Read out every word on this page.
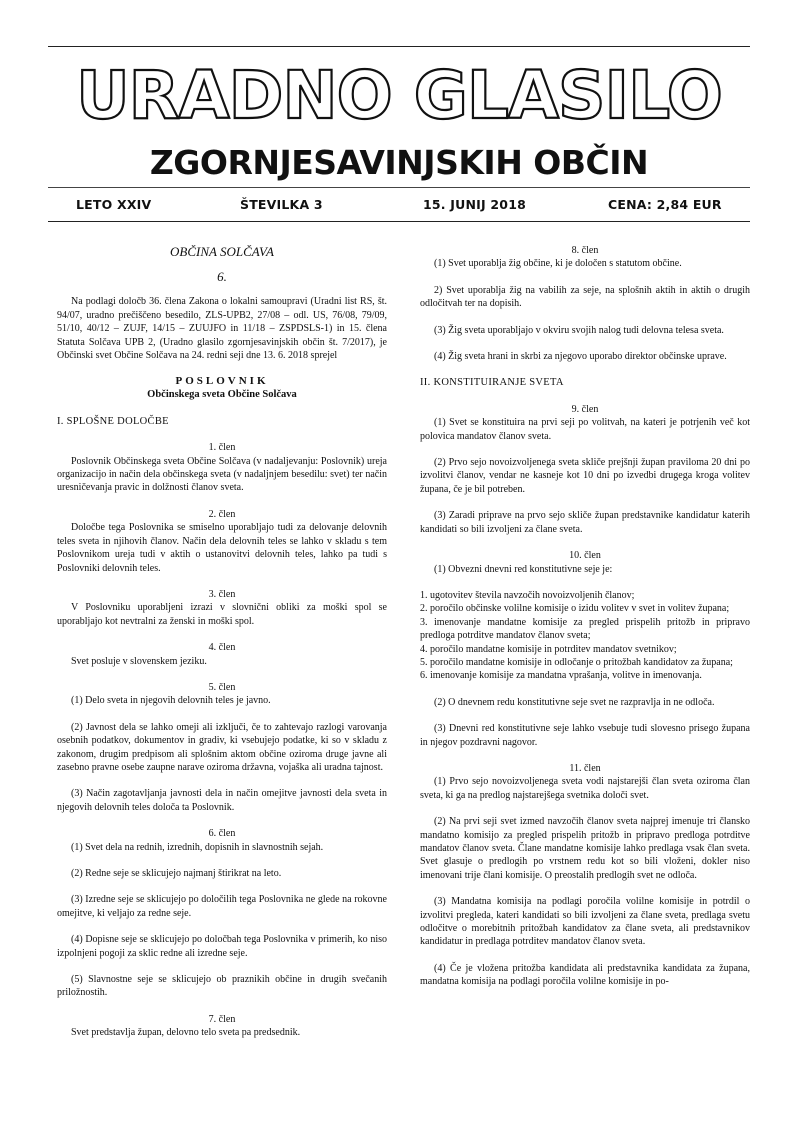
URADNO GLASILO
ZGORNJESAVINJSKIH OBČIN
LETO XXIV	ŠTEVILKA 3	15. JUNIJ 2018	CENA: 2,84 EUR
OBČINA SOLČAVA
6.

Na podlagi določb 36. člena Zakona o lokalni samoupravi (Uradni list RS, št. 94/07, uradno prečiščeno besedilo, ZLS-UPB2, 27/08 – odl. US, 76/08, 79/09, 51/10, 40/12 – ZUJF, 14/15 – ZUUJFO in 11/18 – ZSPDSLS-1) in 15. člena Statuta Solčava UPB 2, (Uradno glasilo zgornjesavinjskih občin št. 7/2017), je Občinski svet Občine Solčava na 24. redni seji dne 13. 6. 2018 sprejel

POSLOVNIK
Občinskega sveta Občine Solčava
I. SPLOŠNE DOLOČBE
1. člen

Poslovnik Občinskega sveta Občine Solčava (v nadaljevanju: Poslovnik) ureja organizacijo in način dela občinskega sveta (v nadaljnjem besedilu: svet) ter način uresničevanja pravic in dolžnosti članov sveta.

2. člen

Določbe tega Poslovnika se smiselno uporabljajo tudi za delovanje delovnih teles sveta in njihovih članov. Način dela delovnih teles se lahko v skladu s tem Poslovnikom ureja tudi v aktih o ustanovitvi delovnih teles, lahko pa tudi s Poslovniki delovnih teles.

3. člen

V Poslovniku uporabljeni izrazi v slovnični obliki za moški spol se uporabljajo kot nevtralni za ženski in moški spol.

4. člen

Svet posluje v slovenskem jeziku.

5. člen

(1) Delo sveta in njegovih delovnih teles je javno.

(2) Javnost dela se lahko omeji ali izključi, če to zahtevajo razlogi varovanja osebnih podatkov, dokumentov in gradiv, ki vsebujejo podatke, ki so v skladu z zakonom, drugim predpisom ali splošnim aktom občine oziroma druge javne ali zasebno pravne osebe zaupne narave oziroma državna, vojaška ali uradna tajnost.

(3) Način zagotavljanja javnosti dela in način omejitve javnosti dela sveta in njegovih delovnih teles določa ta Poslovnik.

6. člen

(1) Svet dela na rednih, izrednih, dopisnih in slavnostnih sejah.

(2) Redne seje se sklicujejo najmanj štirikrat na leto.

(3) Izredne seje se sklicujejo po določilih tega Poslovnika ne glede na rokovne omejitve, ki veljajo za redne seje.

(4) Dopisne seje se sklicujejo po določbah tega Poslovnika v primerih, ko niso izpolnjeni pogoji za sklic redne ali izredne seje.

(5) Slavnostne seje se sklicujejo ob praznikih občine in drugih svečanih priložnostih.

7. člen

Svet predstavlja župan, delovno telo sveta pa predsednik.

8. člen

(1) Svet uporablja žig občine, ki je določen s statutom občine.

2) Svet uporablja žig na vabilih za seje, na splošnih aktih in aktih o drugih odločitvah ter na dopisih.

(3) Žig sveta uporabljajo v okviru svojih nalog tudi delovna telesa sveta.

(4) Žig sveta hrani in skrbi za njegovo uporabo direktor občinske uprave.

II. KONSTITUIRANJE SVETA
9. člen

(1) Svet se konstituira na prvi seji po volitvah, na kateri je potrjenih več kot polovica mandatov članov sveta.

(2) Prvo sejo novoizvoljenega sveta skliče prejšnji župan praviloma 20 dni po izvolitvi članov, vendar ne kasneje kot 10 dni po izvedbi drugega kroga volitev župana, če je bil potreben.

(3) Zaradi priprave na prvo sejo skliče župan predstavnike kandidatur katerih kandidati so bili izvoljeni za člane sveta.

10. člen

(1) Obvezni dnevni red konstitutivne seje je:

1. ugotovitev števila navzočih novoizvoljenih članov;
2. poročilo občinske volilne komisije o izidu volitev v svet in volitev župana;
3. imenovanje mandatne komisije za pregled prispelih pritožb in pripravo predloga potrditve mandatov članov sveta;
4. poročilo mandatne komisije in potrditev mandatov svetnikov;
5. poročilo mandatne komisije in odločanje o pritožbah kandidatov za župana;
6. imenovanje komisije za mandatna vprašanja, volitve in imenovanja.

(2) O dnevnem redu konstitutivne seje svet ne razpravlja in ne odloča.

(3) Dnevni red konstitutivne seje lahko vsebuje tudi slovesno prisego župana in njegov pozdravni nagovor.

11. člen

(1) Prvo sejo novoizvoljenega sveta vodi najstarejši član sveta oziroma član sveta, ki ga na predlog najstarejšega svetnika določi svet.

(2) Na prvi seji svet izmed navzočih članov sveta najprej imenuje tri člansko mandatno komisijo za pregled prispelih pritožb in pripravo predloga potrditve mandatov članov sveta. Člane mandatne komisije lahko predlaga vsak član sveta. Svet glasuje o predlogih po vrstnem redu kot so bili vloženi, dokler niso imenovani trije člani komisije. O preostalih predlogih svet ne odloča.

(3) Mandatna komisija na podlagi poročila volilne komisije in potrdil o izvolitvi pregleda, kateri kandidati so bili izvoljeni za člane sveta, predlaga svetu odločitve o morebitnih pritožbah kandidatov za člane sveta, ali predstavnikov kandidatur in predlaga potrditev mandatov članov sveta.

(4) Če je vložena pritožba kandidata ali predstavnika kandidata za župana, mandatna komisija na podlagi poročila volilne komisije in po-
